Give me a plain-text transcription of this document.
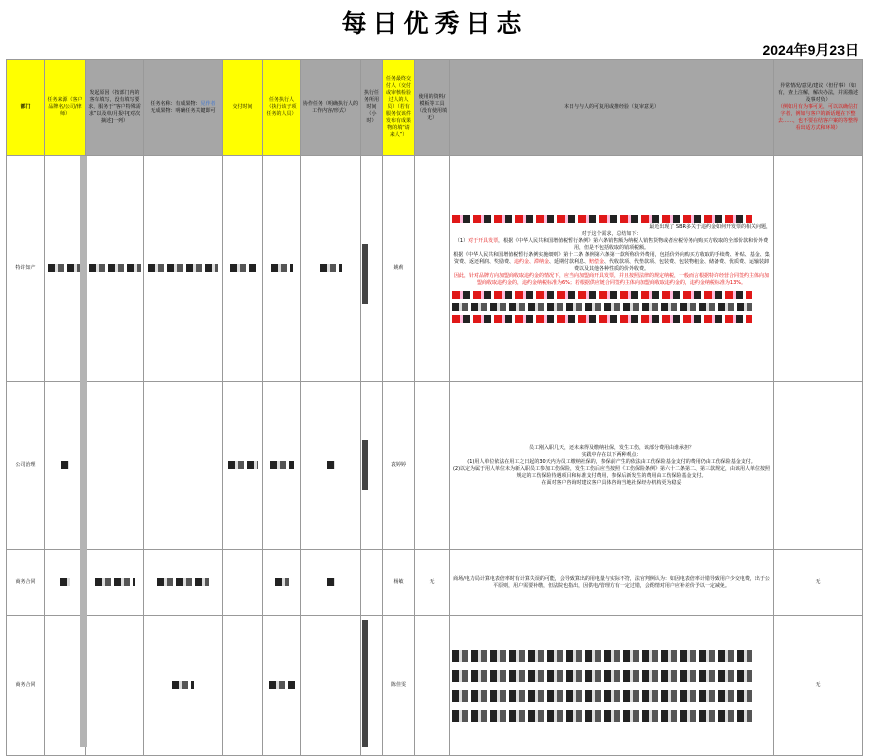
每日优秀日志
2024年9月23日
部门	任务来源（客户品牌名/公司/律师）	发起原因（按部门内的客车填写，没有填写要求，服务于“客户特殊需求”以及单/月报中[对次摘述]一列）	任务名称：有成果物：见作者
无成果物：明确任务关键即可	交付时间	任务执行人（执行该子项任务的人员）	协作任务（明确执行人的工作内容/形式）	执行任务所用时间（小时）	任务最终交付人（交付或审核检验过人的人员）（若有服务仅该件发布有成果物的填“请来人”）	使用的资料/模板等工具（没有使用填无）	本日与与人的可复用或推经验（复审意见）	异常情况/意见/建议（但仔事）（如有，查上注解，解决办法，并需描述及事对负）
（例如月有为事可见，可以以确信打字者，例如与客户的新话题在下整去……，也不要在结客户案的等整得看出适方式和环境）
特许知产								姚莉		最近出现了 SBR多关于违约金如何开发票的相关问题，
对于这个需求，总结如下：
（1）对于开具发票，根据《中华人民共和国增值税暂行条例》第六条销售额为纳税人销售货物或者应税劳务向购买方收取的全部价款和价外费用，但是不包括收取的销项税额。
根据《中华人民共和国增值税暂行条例实施细则》第十二条 条例第六条第一款所称价外费用，包括价外向购买方收取的手续费、补贴、基金、集资费、返还利润、奖励费、违约金、滞纳金、延期付款利息、赔偿金、代收款项、代垫款项、包装费、包装物租金、储备费、优质费、运输装卸费以及其他各种性质的价外收费。
因此，针对品牌方向加盟商收取违约金的情况下，应当向加盟商开具发票，并且按照法律的规定纳税，一般而言根据特许经营合同签约主体向加盟商收取违约金的，违约金纳税标准为6%；若根据供应链合同签约主体向加盟商收取违约金的，违约金纳税标准为13%。	

公司治理								袁婷婷		员工刚入职几天，还未来得及缴纳社保，发生工伤，该部分费用由谁承担？
实践中存在以下两种观点：
(1)用人单位依法在用工之日起的30天内为员工缴纳社保的，参保前产生的依法由工伤保险基金支付的费用仍由工伤保险基金支付。
(2)以定为属于用人单位未为新入职员工参加工伤保险，发生工伤后应当按照《工伤保险条例》第六十二条第二、第三款规定，由该用人单位按照规定的工伤保险待遇项目和标准支付费用，参保后新发生的费用由工伤保险基金支付。
在面对客户咨询时建议客户具体咨询当地社保经办机构更为稳妥	

商务合同								杨敏	无	商场/电力局计算电表倍率时有计算失误的可能，会导致算出的用电量与实际不符，法官判例认为：如因电表倍率计错导致用户少交电费，出于公平原则，用户需要补缴，但法院也指出，因供电/管理方有一定过错，会酌情对用户应补差价予以一定减免。	无
商务合同								陈佳雯			无
